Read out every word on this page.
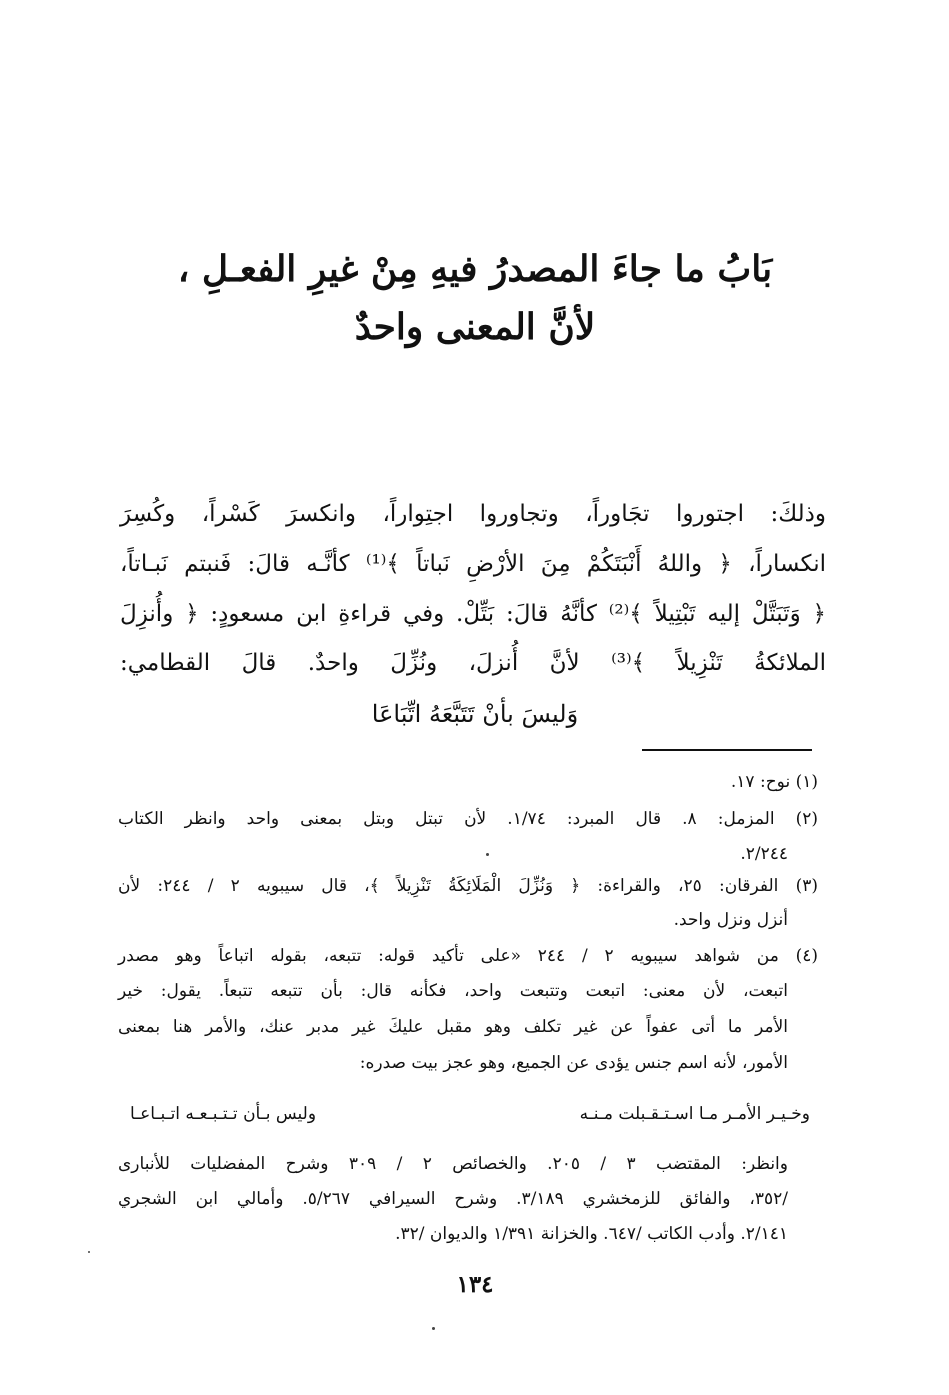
بَابُ ما جاءَ المصدرُ فيهِ مِنْ غيرِ الفعـلِ ،
لأنَّ المعنى واحدٌ
وذلكَ: اجتوروا تجَاوراً، وتجاوروا اجتِواراً، وانكسرَ كَسْراً، وكُسِرَ
انكساراً، ﴿ واللهُ أَنْبَتَكُمْ مِنَ الأرْضِ نَباتاً ﴾⁽¹⁾ كأنَّـه قالَ: فَنبتم نَبـاتاً،
﴿ وَتَبَتَّلْ إليه تَبْتِيلاً ﴾⁽²⁾ كأنَّهُ قالَ: بَتِّلْ. وفي قراءةِ ابن مسعودٍ: ﴿ وأُنزِلَ
الملائكةُ تَنْزِيلاً ﴾⁽³⁾ لأنَّ أُنزلَ، ونُزِّلَ واحدٌ. قالَ القطامي:
وَليسَ بأنْ تَتَبَّعَهُ اتِّبَاعَا
(١) نوح: ١٧.
(٢) المزمل: ٨. قال المبرد: ١/٧٤. لأن تبتل وبتل بمعنى واحد وانظر الكتاب
٢/٢٤٤.
(٣) الفرقان: ٢٥، والقراءة: ﴿ وَنُزِّلَ الْمَلَائِكَةُ تَنْزِيلاً ﴾، قال سيبويه ٢ / ٢٤٤: لأن
أنزل ونزل واحد.
(٤) من شواهد سيبويه ٢ / ٢٤٤ «على تأكيد قوله: تتبعه، بقوله اتباعاً وهو مصدر
اتبعت، لأن معنى: اتبعت وتتبعت واحد، فكأنه قال: بأن تتبعه تتبعاً. يقول: خير
الأمر ما أتى عفواً عن غير تكلف وهو مقبل عليكَ غير مدبر عنك، والأمر هنا بمعنى
الأمور، لأنه اسم جنس يؤدى عن الجميع، وهو عجز بيت صدره:
وخـيـر الأمـر مـا اسـتـقـبلت مـنـه
وليس بـأن تـتـبـعـه اتـبـاعـا
وانظر: المقتضب ٣ / ٢٠٥. والخصائص ٢ / ٣٠٩ وشرح المفضليات للأنبارى
/٣٥٢، والفائق للزمخشري ٣/١٨٩. وشرح السيرافي ٥/٢٦٧. وأمالي ابن الشجري
٢/١٤١. وأدب الكاتب /٦٤٧. والخزانة ١/٣٩١ والديوان /٣٢.
١٣٤
